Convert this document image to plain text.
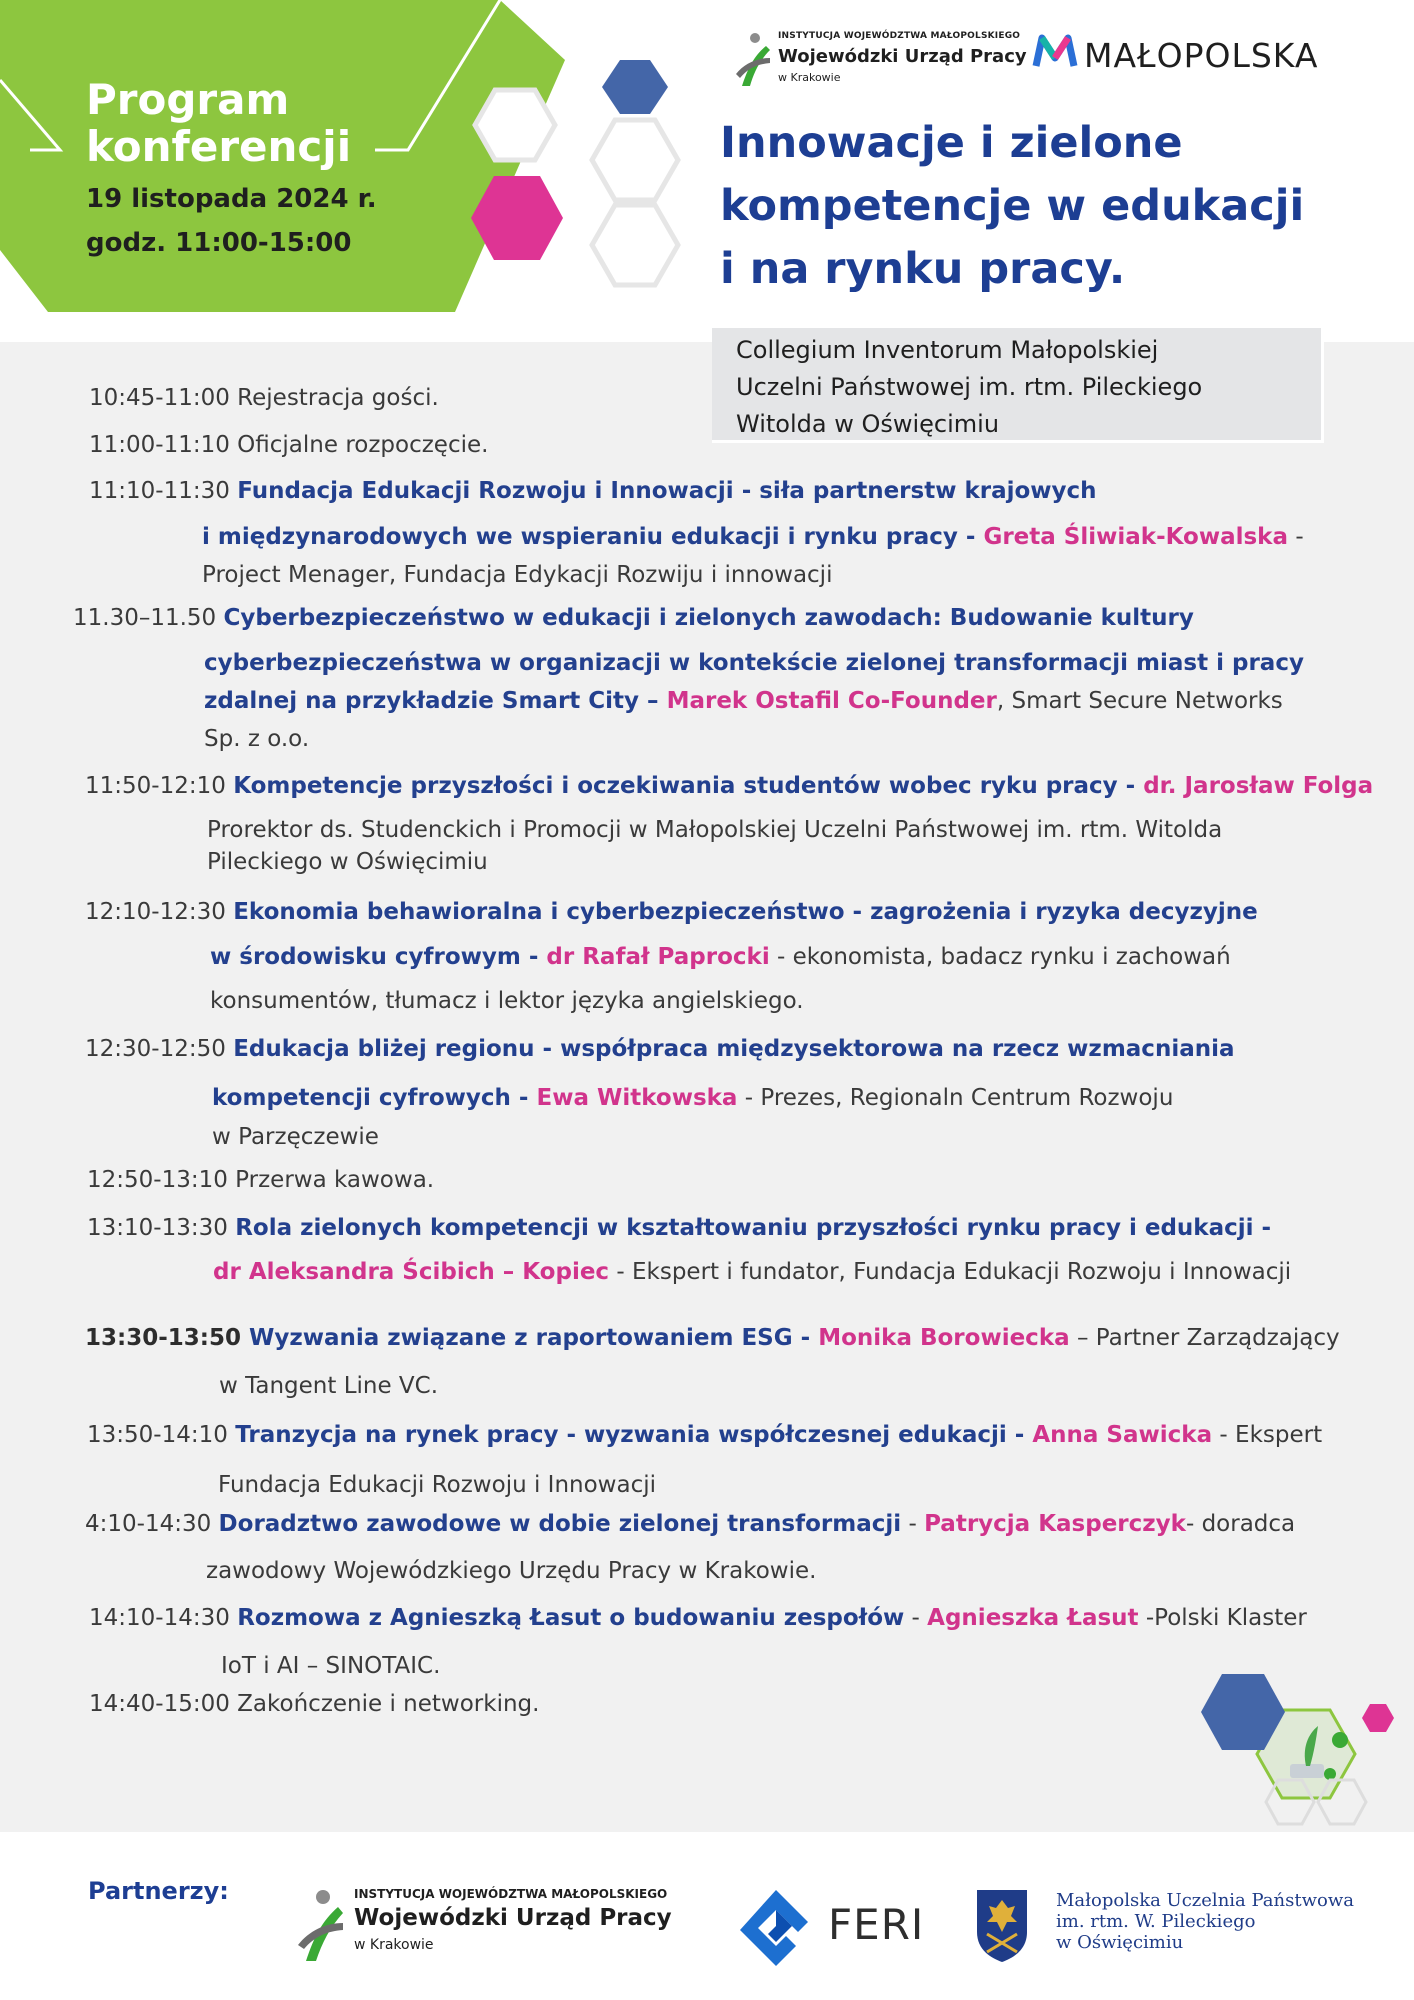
Program
konferencji
19 listopada 2024 r.
godz. 11:00-15:00
INSTYTUCJA WOJEWÓDZTWA MAŁOPOLSKIEGO
Wojewódzki Urząd Pracy
w Krakowie
MAŁOPOLSKA
Innowacje i zielone
kompetencje w edukacji
i na rynku pracy.
Collegium Inventorum Małopolskiej
Uczelni Państwowej im. rtm. Pileckiego
Witolda w Oświęcimiu
10:45-11:00 Rejestracja gości.
11:00-11:10 Oficjalne rozpoczęcie.
11:10-11:30 Fundacja Edukacji Rozwoju i Innowacji - siła partnerstw krajowych
i międzynarodowych we wspieraniu edukacji i rynku pracy - Greta Śliwiak-Kowalska -
Project Menager, Fundacja Edykacji Rozwiju i innowacji
11.30–11.50 Cyberbezpieczeństwo w edukacji i zielonych zawodach: Budowanie kultury
cyberbezpieczeństwa w organizacji w kontekście zielonej transformacji miast i pracy
zdalnej na przykładzie Smart City – Marek Ostafil Co-Founder, Smart Secure Networks
Sp. z o.o.
11:50-12:10 Kompetencje przyszłości i oczekiwania studentów wobec ryku pracy - dr. Jarosław Folga
Prorektor ds. Studenckich i Promocji w Małopolskiej Uczelni Państwowej im. rtm. Witolda
Pileckiego w Oświęcimiu
12:10-12:30 Ekonomia behawioralna i cyberbezpieczeństwo - zagrożenia i ryzyka decyzyjne
w środowisku cyfrowym - dr Rafał Paprocki - ekonomista, badacz rynku i zachowań
konsumentów, tłumacz i lektor języka angielskiego.
12:30-12:50 Edukacja bliżej regionu - współpraca międzysektorowa na rzecz wzmacniania
kompetencji cyfrowych - Ewa Witkowska - Prezes, Regionaln Centrum Rozwoju
w Parzęczewie
12:50-13:10 Przerwa kawowa.
13:10-13:30 Rola zielonych kompetencji w kształtowaniu przyszłości rynku pracy i edukacji -
dr Aleksandra Ścibich – Kopiec - Ekspert i fundator, Fundacja Edukacji Rozwoju i Innowacji
13:30-13:50 Wyzwania związane z raportowaniem ESG - Monika Borowiecka – Partner Zarządzający
w Tangent Line VC.
13:50-14:10 Tranzycja na rynek pracy - wyzwania współczesnej edukacji - Anna Sawicka - Ekspert
Fundacja Edukacji Rozwoju i Innowacji
4:10-14:30 Doradztwo zawodowe w dobie zielonej transformacji - Patrycja Kasperczyk- doradca
zawodowy Wojewódzkiego Urzędu Pracy w Krakowie.
14:10-14:30 Rozmowa z Agnieszką Łasut o budowaniu zespołów - Agnieszka Łasut -Polski Klaster
IoT i AI – SINOTAIC.
14:40-15:00 Zakończenie i networking.
Partnerzy:	INSTYTUCJA WOJEWÓDZTWA MAŁOPOLSKIEGO
Wojewódzki Urząd Pracy
w Krakowie	FERI	Małopolska Uczelnia Państwowa
im. rtm. W. Pileckiego
w Oświęcimiu
